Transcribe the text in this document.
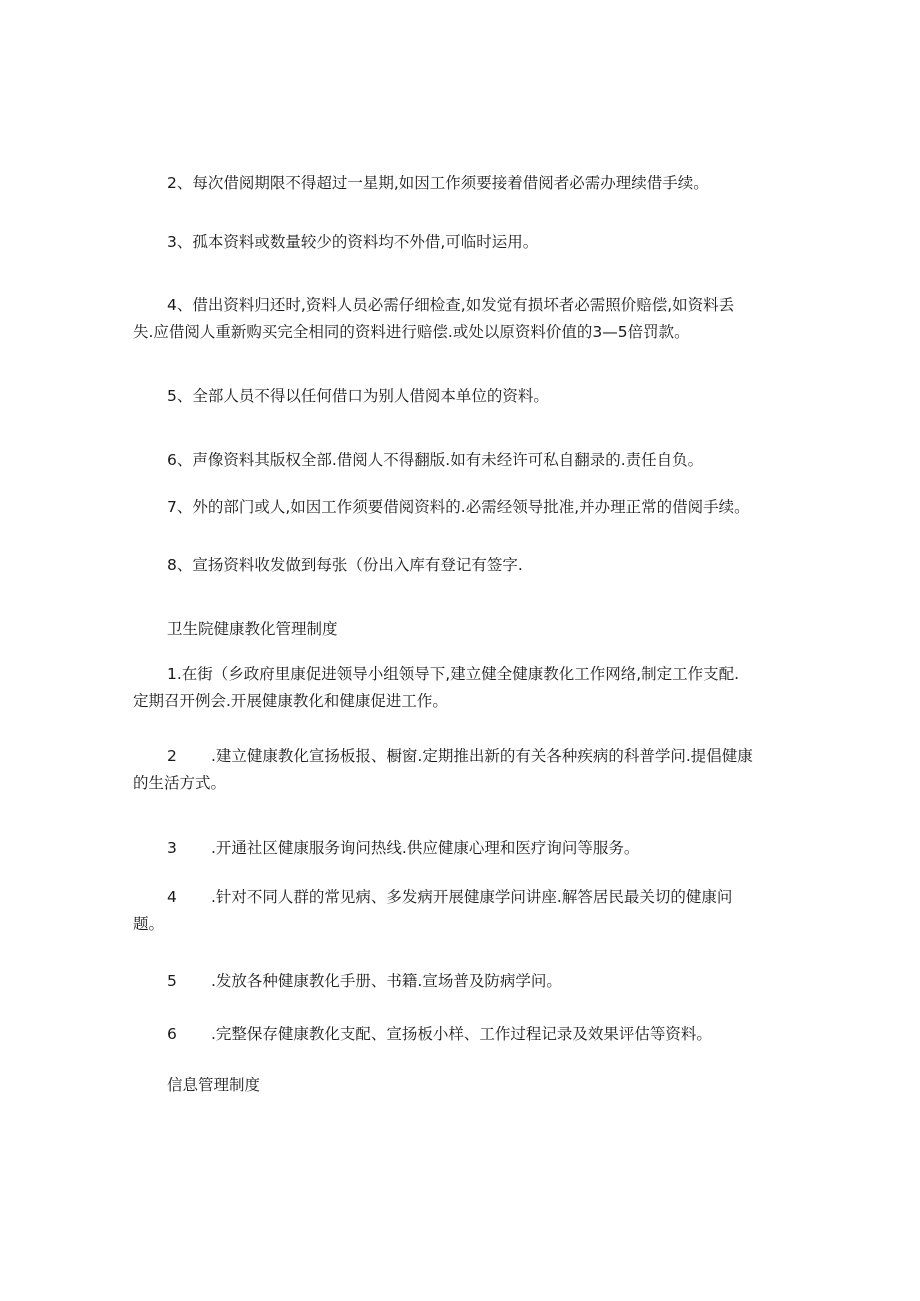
2、每次借阅期限不得超过一星期,如因工作须要接着借阅者必需办理续借手续。

3、孤本资料或数量较少的资料均不外借,可临时运用。

4、借出资料归还时,资料人员必需仔细检查,如发觉有损坏者必需照价赔偿,如资料丢
失.应借阅人重新购买完全相同的资料进行赔偿.或处以原资料价值的3—5倍罚款。

5、全部人员不得以任何借口为别人借阅本单位的资料。

6、声像资料其版权全部.借阅人不得翻版.如有未经许可私自翻录的.责任自负。

7、外的部门或人,如因工作须要借阅资料的.必需经领导批准,并办理正常的借阅手续。

8、宣扬资料收发做到每张（份出入库有登记有签字.

卫生院健康教化管理制度

1.在街（乡政府里康促进领导小组领导下,建立健全健康教化工作网络,制定工作支配.
定期召开例会.开展健康教化和健康促进工作。
2 .建立健康教化宣扬板报、橱窗.定期推出新的有关各种疾病的科普学问.提倡健康
的生活方式。
3 .开通社区健康服务询问热线.供应健康心理和医疗询问等服务。
4 .针对不同人群的常见病、多发病开展健康学问讲座.解答居民最关切的健康问
题。
5 .发放各种健康教化手册、书籍.宣场普及防病学问。
6 .完整保存健康教化支配、宣扬板小样、工作过程记录及效果评估等资料。

信息管理制度
